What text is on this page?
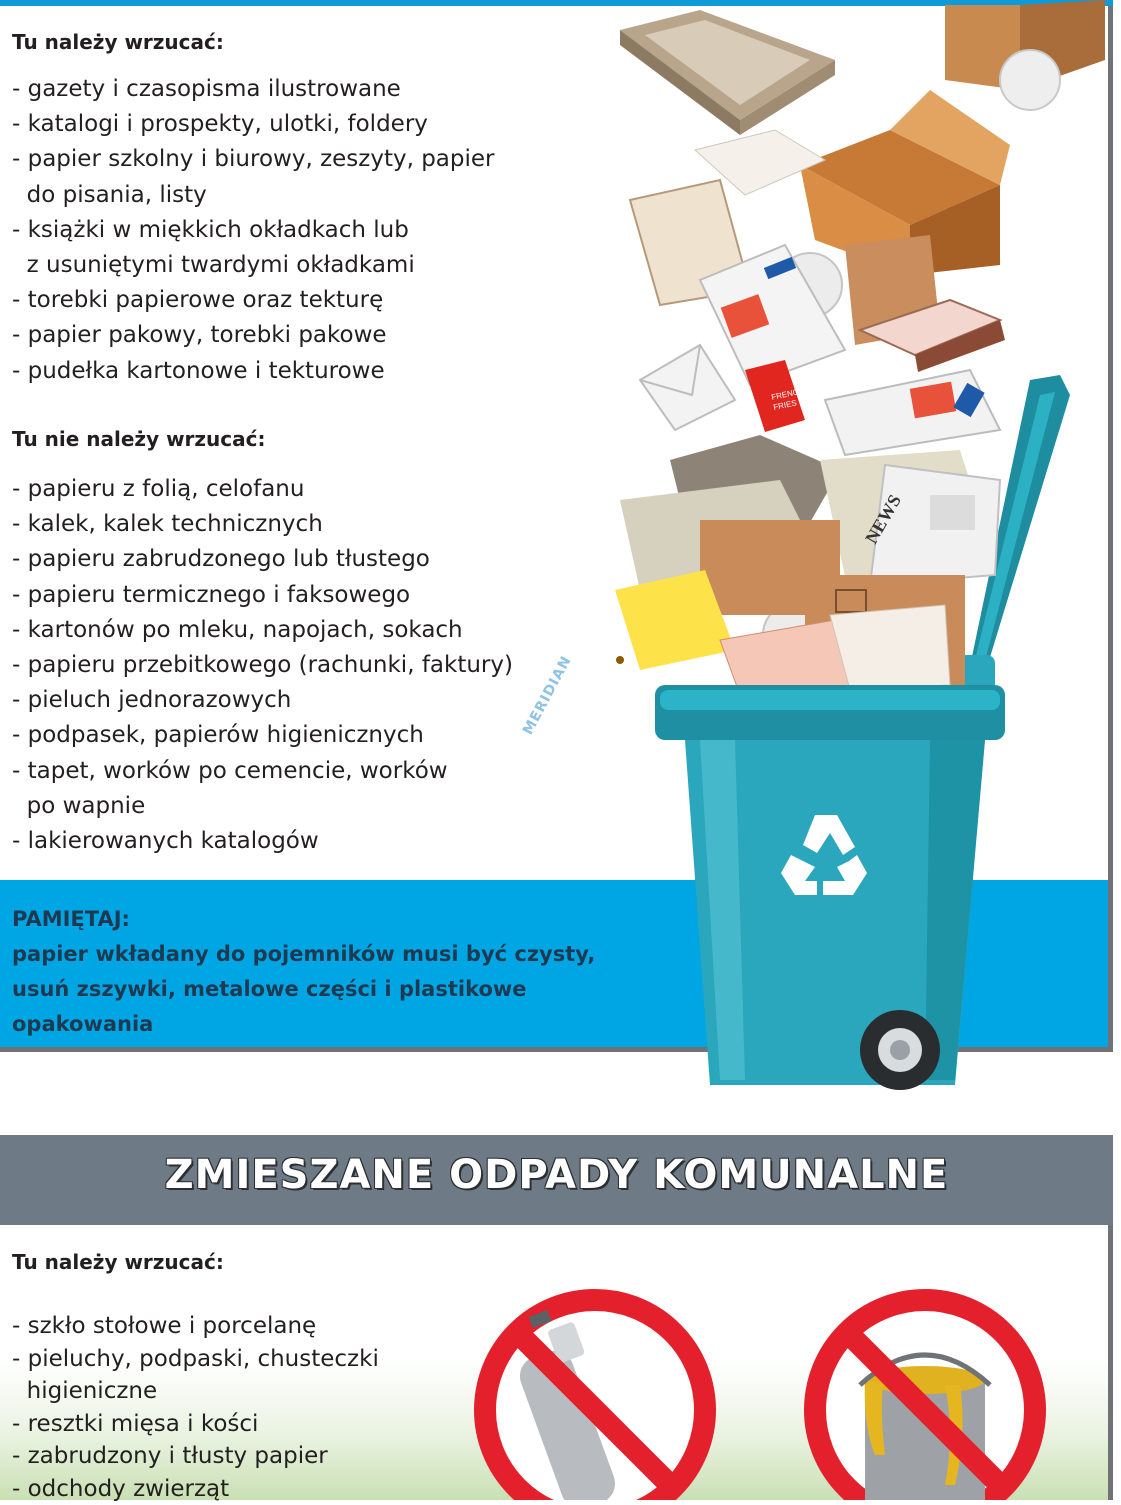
Tu należy wrzucać:
- gazety i czasopisma ilustrowane
- katalogi i prospekty, ulotki, foldery
- papier szkolny i biurowy, zeszyty, papier
do pisania, listy
- książki w miękkich okładkach lub
z usuniętymi twardymi okładkami
- torebki papierowe oraz tekturę
- papier pakowy, torebki pakowe
- pudełka kartonowe i tekturowe
Tu nie należy wrzucać:
- papieru z folią, celofanu
- kalek, kalek technicznych
- papieru zabrudzonego lub tłustego
- papieru termicznego i faksowego
- kartonów po mleku, napojach, sokach
- papieru przebitkowego (rachunki, faktury)
- pieluch jednorazowych
- podpasek, papierów higienicznych
- tapet, worków po cemencie, worków
po wapnie
- lakierowanych katalogów
MERIDIAN

PAMIĘTAJ:

papier wkładany do pojemników musi być czysty, usuń zszywki, metalowe części i plastikowe opakowania

FRENCH
FRIES
NEWS
ZMIESZANE ODPADY KOMUNALNE
Tu należy wrzucać:
- szkło stołowe i porcelanę
- pieluchy, podpaski, chusteczki
higieniczne
- resztki mięsa i kości
- zabrudzony i tłusty papier
- odchody zwierząt
